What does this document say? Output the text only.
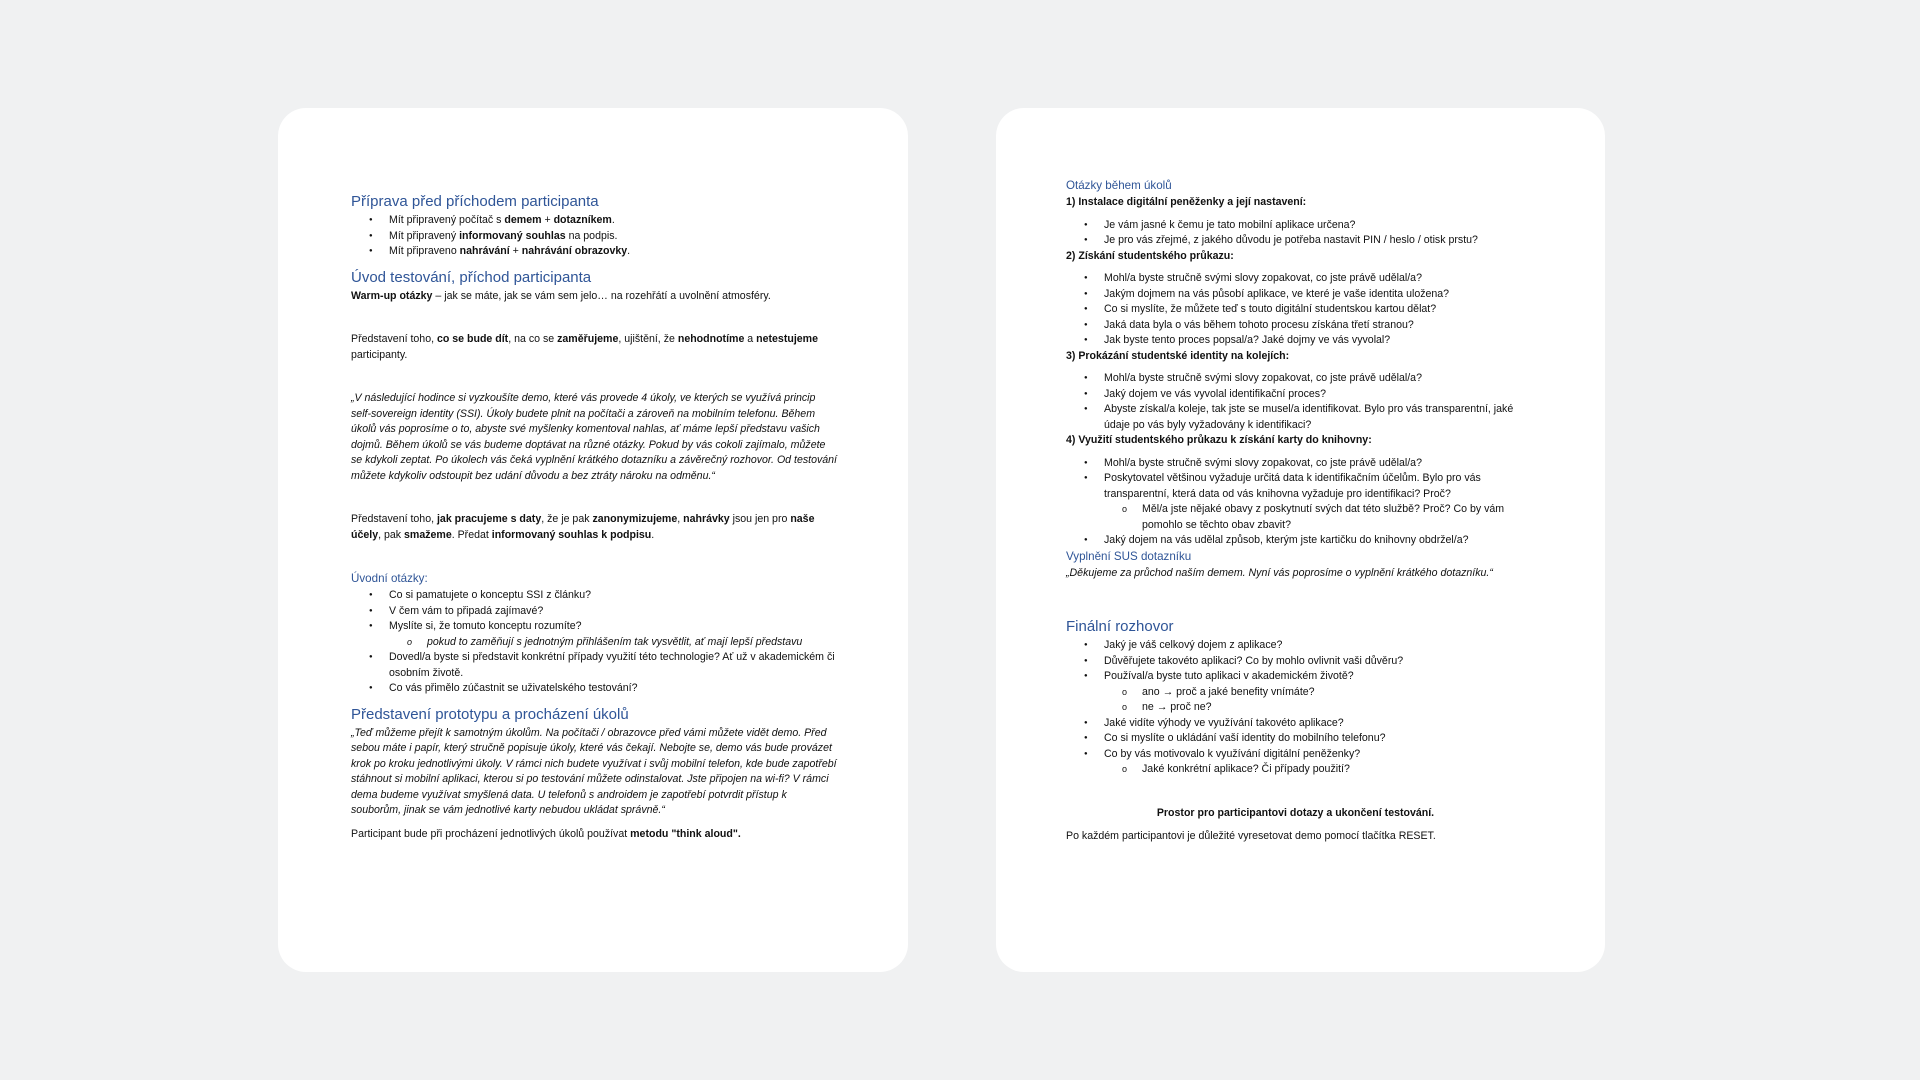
Příprava před příchodem participanta
● Mít připravený počítač s demem + dotazníkem.
● Mít připravený informovaný souhlas na podpis.
● Mít připraveno nahrávání + nahrávání obrazovky.
Úvod testování, příchod participanta

Warm-up otázky – jak se máte, jak se vám sem jelo… na rozehřátí a uvolnění atmosféry.

Představení toho, co se bude dít, na co se zaměřujeme, ujištění, že nehodnotíme a netestujeme participanty.

„V následující hodince si vyzkoušíte demo, které vás provede 4 úkoly, ve kterých se využívá princip self-sovereign identity (SSI). Úkoly budete plnit na počítači a zároveň na mobilním telefonu. Během úkolů vás poprosíme o to, abyste své myšlenky komentoval nahlas, ať máme lepší představu vašich dojmů. Během úkolů se vás budeme doptávat na různé otázky. Pokud by vás cokoli zajímalo, můžete se kdykoli zeptat. Po úkolech vás čeká vyplnění krátkého dotazníku a závěrečný rozhovor. Od testování můžete kdykoliv odstoupit bez udání důvodu a bez ztráty nároku na odměnu.“

Představení toho, jak pracujeme s daty, že je pak zanonymizujeme, nahrávky jsou jen pro naše účely, pak smažeme. Předat informovaný souhlas k podpisu.

Úvodní otázky:
● Co si pamatujete o konceptu SSI z článku?
● V čem vám to připadá zajímavé?
● Myslíte si, že tomuto konceptu rozumíte?
o pokud to zaměňují s jednotným přihlášením tak vysvětlit, ať mají lepší představu
● Dovedl/a byste si představit konkrétní případy využití této technologie? Ať už v akademickém či osobním životě.
● Co vás přimělo zúčastnit se uživatelského testování?
Představení prototypu a procházení úkolů

„Teď můžeme přejít k samotným úkolům. Na počítači / obrazovce před vámi můžete vidět demo. Před sebou máte i papír, který stručně popisuje úkoly, které vás čekají. Nebojte se, demo vás bude provázet krok po kroku jednotlivými úkoly. V rámci nich budete využívat i svůj mobilní telefon, kde bude zapotřebí stáhnout si mobilní aplikaci, kterou si po testování můžete odinstalovat. Jste připojen na wi-fi? V rámci dema budeme využívat smyšlená data. U telefonů s androidem je zapotřebí potvrdit přístup k souborům, jinak se vám jednotlivé karty nebudou ukládat správně.“

Participant bude při procházení jednotlivých úkolů používat metodu "think aloud".

Otázky během úkolů

1) Instalace digitální peněženky a její nastavení:

● Je vám jasné k čemu je tato mobilní aplikace určena?
● Je pro vás zřejmé, z jakého důvodu je potřeba nastavit PIN / heslo / otisk prstu?

2) Získání studentského průkazu:

● Mohl/a byste stručně svými slovy zopakovat, co jste právě udělal/a?
● Jakým dojmem na vás působí aplikace, ve které je vaše identita uložena?
● Co si myslíte, že můžete teď s touto digitální studentskou kartou dělat?
● Jaká data byla o vás během tohoto procesu získána třetí stranou?
● Jak byste tento proces popsal/a? Jaké dojmy ve vás vyvolal?

3) Prokázání studentské identity na kolejích:

● Mohl/a byste stručně svými slovy zopakovat, co jste právě udělal/a?
● Jaký dojem ve vás vyvolal identifikační proces?
● Abyste získal/a koleje, tak jste se musel/a identifikovat. Bylo pro vás transparentní, jaké údaje po vás byly vyžadovány k identifikaci?

4) Využití studentského průkazu k získání karty do knihovny:

● Mohl/a byste stručně svými slovy zopakovat, co jste právě udělal/a?
● Poskytovatel většinou vyžaduje určitá data k identifikačním účelům. Bylo pro vás transparentní, která data od vás knihovna vyžaduje pro identifikaci? Proč?
o Měl/a jste nějaké obavy z poskytnutí svých dat této službě? Proč? Co by vám pomohlo se těchto obav zbavit?
● Jaký dojem na vás udělal způsob, kterým jste kartičku do knihovny obdržel/a?
Vyplnění SUS dotazníku

„Děkujeme za průchod naším demem. Nyní vás poprosíme o vyplnění krátkého dotazníku.“

Finální rozhovor
● Jaký je váš celkový dojem z aplikace?
● Důvěřujete takovéto aplikaci? Co by mohlo ovlivnit vaši důvěru?
● Používal/a byste tuto aplikaci v akademickém životě?
o ano → proč a jaké benefity vnímáte?
o ne → proč ne?
● Jaké vidíte výhody ve využívání takovéto aplikace?
● Co si myslíte o ukládání vaší identity do mobilního telefonu?
● Co by vás motivovalo k využívání digitální peněženky?
o Jaké konkrétní aplikace? Či případy použití?

Prostor pro participantovi dotazy a ukončení testování.

Po každém participantovi je důležité vyresetovat demo pomocí tlačítka RESET.
